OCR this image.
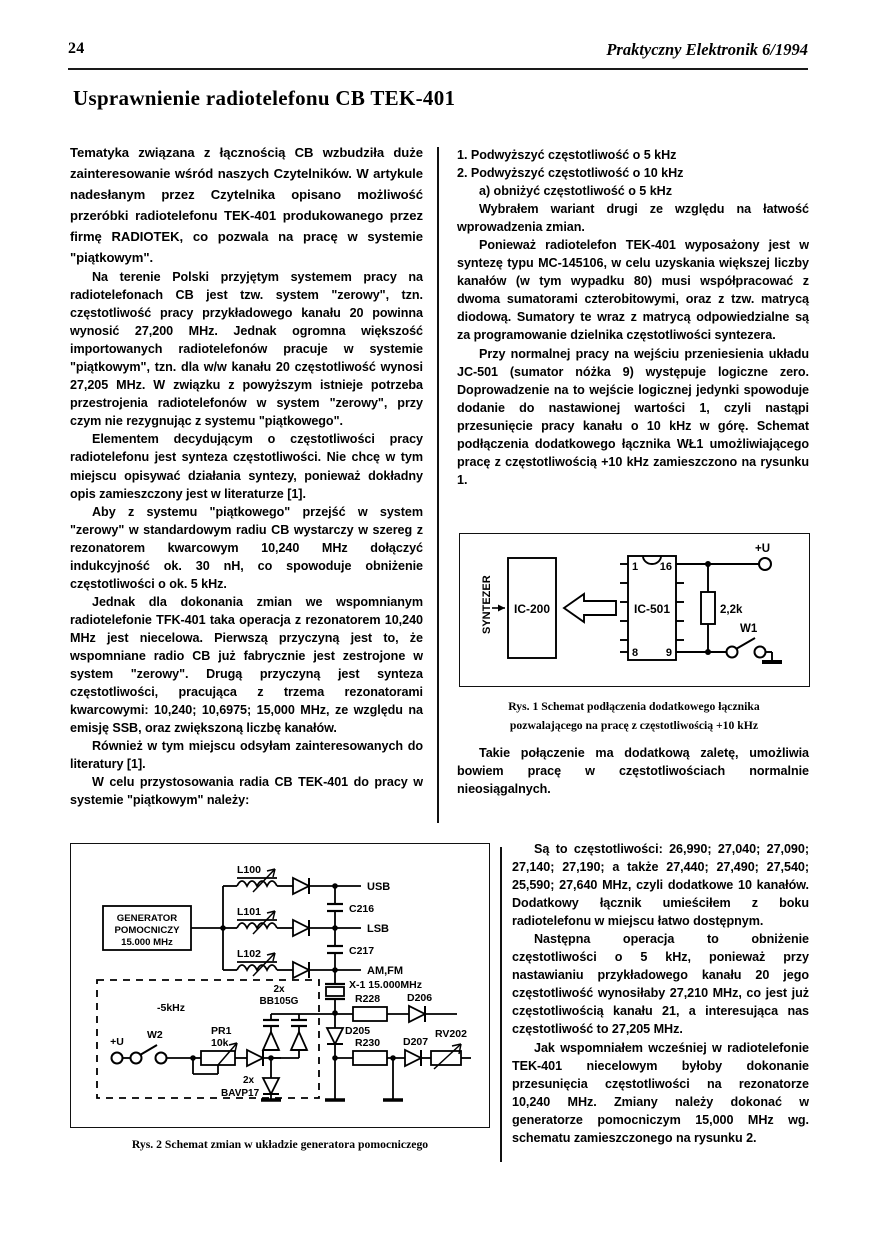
24	Praktyczny Elektronik 6/1994
Usprawnienie radiotelefonu CB TEK-401

Tematyka związana z łącznością CB wzbudziła duże zainteresowanie wśród naszych Czytelników. W artykule nadesłanym przez Czytelnika opisano możliwość przeróbki radiotelefonu TEK-401 produkowanego przez firmę RADIOTEK, co pozwala na pracę w systemie "piątkowym".

Na terenie Polski przyjętym systemem pracy na radiotelefonach CB jest tzw. system "zerowy", tzn. częstotliwość pracy przykładowego kanału 20 powinna wynosić 27,200 MHz. Jednak ogromna większość importowanych radiotelefonów pracuje w systemie "piątkowym", tzn. dla w/w kanału 20 częstotliwość wynosi 27,205 MHz. W związku z powyższym istnieje potrzeba przestrojenia radiotelefonów w system "zerowy", przy czym nie rezygnując z systemu "piątkowego".

Elementem decydującym o częstotliwości pracy radiotelefonu jest synteza częstotliwości. Nie chcę w tym miejscu opisywać działania syntezy, ponieważ dokładny opis zamieszczony jest w literaturze [1].

Aby z systemu "piątkowego" przejść w system "zerowy" w standardowym radiu CB wystarczy w szereg z rezonatorem kwarcowym 10,240 MHz dołączyć indukcyjność ok. 30 nH, co spowoduje obniżenie częstotliwości o ok. 5 kHz.

Jednak dla dokonania zmian we wspomnianym radiotelefonie TFK-401 taka operacja z rezonatorem 10,240 MHz jest niecelowa. Pierwszą przyczyną jest to, że wspomniane radio CB już fabrycznie jest zestrojone w system "zerowy". Drugą przyczyną jest synteza częstotliwości, pracująca z trzema rezonatorami kwarcowymi: 10,240; 10,6975; 15,000 MHz, ze względu na emisję SSB, oraz zwiększoną liczbę kanałów.

Również w tym miejscu odsyłam zainteresowanych do literatury [1].

W celu przystosowania radia CB TEK-401 do pracy w systemie "piątkowym" należy:

1. Podwyższyć częstotliwość o 5 kHz

2. Podwyższyć częstotliwość o 10 kHz

a) obniżyć częstotliwość o 5 kHz

Wybrałem wariant drugi ze względu na łatwość wprowadzenia zmian.

Ponieważ radiotelefon TEK-401 wyposażony jest w syntezę typu MC-145106, w celu uzyskania większej liczby kanałów (w tym wypadku 80) musi współpracować z dwoma sumatorami czterobitowymi, oraz z tzw. matrycą diodową. Sumatory te wraz z matrycą odpowiedzialne są za programowanie dzielnika częstotliwości syntezera.

Przy normalnej pracy na wejściu przeniesienia układu JC-501 (sumator nóżka 9) występuje logiczne zero. Doprowadzenie na to wejście logicznej jedynki spowoduje dodanie do nastawionej wartości 1, czyli nastąpi przesunięcie pracy kanału o 10 kHz w górę. Schemat podłączenia dodatkowego łącznika WŁ1 umożliwiającego pracę z częstotliwością +10 kHz zamieszczono na rysunku 1.

SYNTEZER IC-200	IC-501
1 16
8	9
2,2k
+U
W1
Rys. 1 Schemat podłączenia dodatkowego łącznika
pozwalającego na pracę z częstotliwością +10 kHz

Takie połączenie ma dodatkową zaletę, umożliwia bowiem pracę w częstotliwościach normalnie nieosiągalnych.

Są to częstotliwości: 26,990; 27,040; 27,090; 27,140; 27,190; a także 27,440; 27,490; 27,540; 25,590; 27,640 MHz, czyli dodatkowe 10 kanałów. Dodatkowy łącznik umieściłem z boku radiotelefonu w miejscu łatwo dostępnym.

Następna operacja to obniżenie częstotliwości o 5 kHz, ponieważ przy nastawianiu przykładowego kanału 20 jego częstotliwość wynosiłaby 27,210 MHz, co jest już częstotliwością kanału 21, a interesująca nas częstotliwość to 27,205 MHz.

Jak wspomniałem wcześniej w radiotelefonie TEK-401 niecelowym byłoby dokonanie przesunięcia częstotliwości na rezonatorze 10,240 MHz. Zmiany należy dokonać w generatorze pomocniczym 15,000 MHz wg. schematu zamieszczonego na rysunku 2.

GENERATOR
POMOCNICZY
15.000 MHz
L100
L101
L102
USB
LSB
AM,FM
C216
C217
X-1 15.000MHz
-5kHz
+U
W2	PR1
10k
2x
BAVP17
2x
BB105G	R228
R230
D205
D206
D207
RV202
Rys. 2 Schemat zmian w układzie generatora pomocniczego
